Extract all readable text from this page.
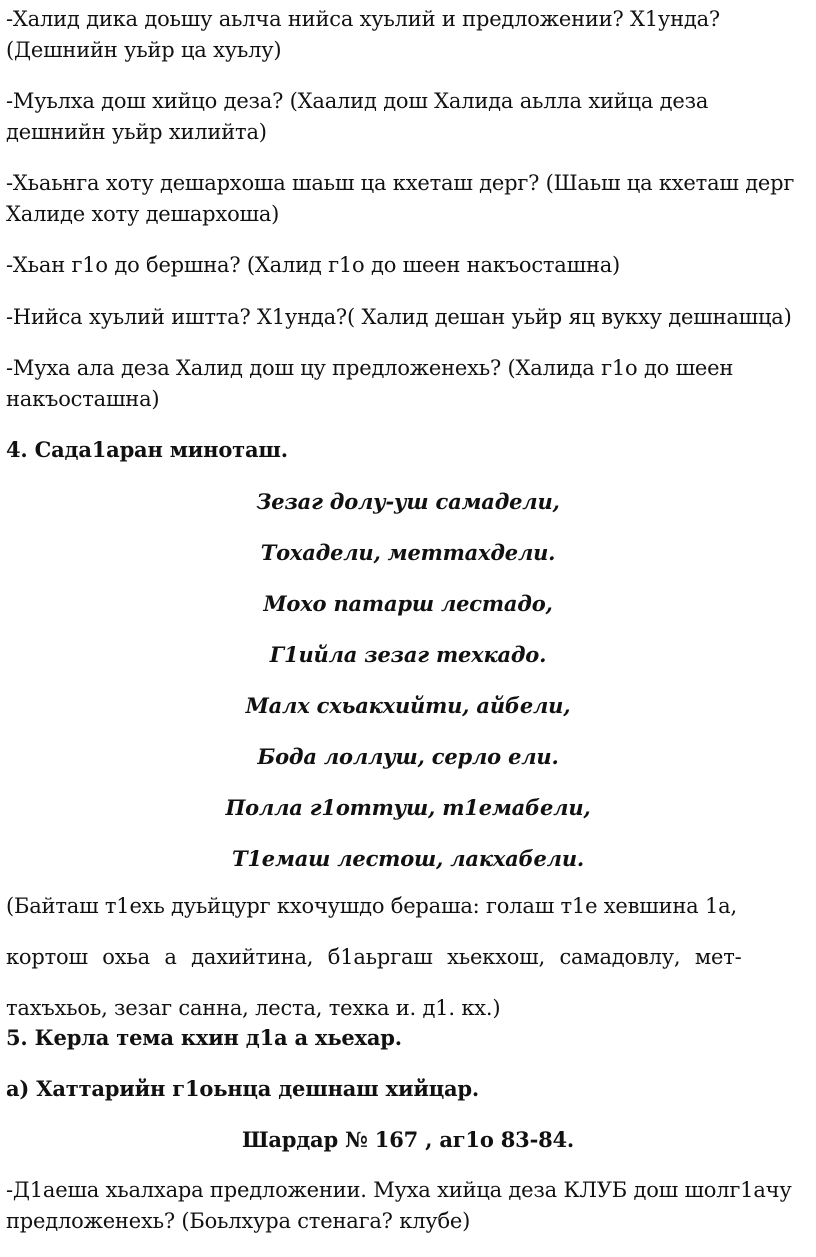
-Халид дика доьшу аьлча нийса хуьлий и предложении? Х1унда?
(Дешнийн уьйр ца хуьлу)
-Муьлха дош хийцо деза? (Хаалид дош Халида аьлла хийца деза
дешнийн уьйр хилийта)
-Хьаьнга хоту дешархоша шаьш ца кхеташ дерг? (Шаьш ца кхеташ дерг
Халиде хоту дешархоша)
-Хьан г1о до бершна? (Халид г1о до шеен накъосташна)
-Нийса хуьлий иштта? Х1унда?( Халид дешан уьйр яц вукху дешнашца)
-Муха ала деза Халид дош цу предложенехь? (Халида г1о до шеен
накъосташна)
4. Сада1аран миноташ.
Зезаг долу-уш самадели,
Тохадели, меттахдели.
Мохо патарш лестадо,
Г1ийла зезаг техкадо.
Малх схьакхийти, айбели,
Бода лоллуш, серло ели.
Полла г1оттуш, т1емабели,
Т1емаш лестош, лакхабели.
(Байташ т1ехь дуьйцург кхочушдо бераша: голаш т1е хевшина 1а,
кортош охьа а дахийтина, б1аьргаш хьекхош, самадовлу, мет-
тахъхьоь, зезаг санна, леста, техка и. д1. кх.)
5. Керла тема кхин д1а а хьехар.
а) Хаттарийн г1оьнца дешнаш хийцар.
Шардар № 167 , аг1о 83-84.
-Д1аеша хьалхара предложении. Муха хийца деза КЛУБ дош шолг1ачу
предложенехь? (Боьлхура стенага? клубе)
